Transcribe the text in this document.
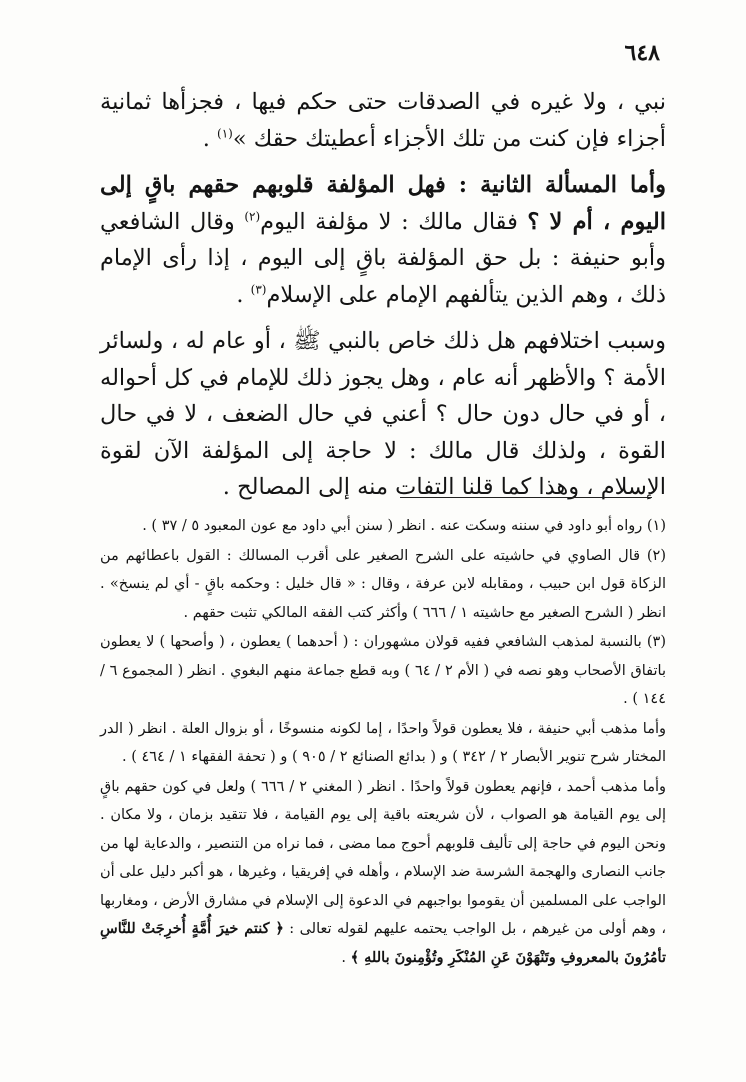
٦٤٨

نبي ، ولا غيره في الصدقات حتى حكم فيها ، فجزأها ثمانية أجزاء فإن كنت من تلك الأجزاء أعطيتك حقك »$^{(١)}$ .

وأما المسألة الثانية : فهل المؤلفة قلوبهم حقهم باقٍ إلى اليوم ، أم لا ؟ فقال مالك : لا مؤلفة اليوم$^{(٢)}$ وقال الشافعي وأبو حنيفة : بل حق المؤلفة باقٍ إلى اليوم ، إذا رأى الإمام ذلك ، وهم الذين يتألفهم الإمام على الإسلام$^{(٣)}$ .

وسبب اختلافهم هل ذلك خاص بالنبي ﷺ ، أو عام له ، ولسائر الأمة ؟ والأظهر أنه عام ، وهل يجوز ذلك للإمام في كل أحواله ، أو في حال دون حال ؟ أعني في حال الضعف ، لا في حال القوة ، ولذلك قال مالك : لا حاجة إلى المؤلفة الآن لقوة الإسلام ، وهذا كما قلنا التفات منه إلى المصالح .

(١) رواه أبو داود في سننه وسكت عنه . انظر ( سنن أبي داود مع عون المعبود ٥ / ٣٧ ) .

(٢) قال الصاوي في حاشيته على الشرح الصغير على أقرب المسالك : القول باعطائهم من الزكاة قول ابن حبيب ، ومقابله لابن عرفة ، وقال : « قال خليل : وحكمه باقٍ - أي لم ينسخ» . انظر ( الشرح الصغير مع حاشيته ١ / ٦٦٦ ) وأكثر كتب الفقه المالكي تثبت حقهم .

(٣) بالنسبة لمذهب الشافعي ففيه قولان مشهوران : ( أحدهما ) يعطون ، ( وأصحها ) لا يعطون باتفاق الأصحاب وهو نصه في ( الأم ٢ / ٦٤ ) وبه قطع جماعة منهم البغوي . انظر ( المجموع ٦ / ١٤٤ ) .

وأما مذهب أبي حنيفة ، فلا يعطون قولاً واحدًا ، إما لكونه منسوخًا ، أو بزوال العلة . انظر ( الدر المختار شرح تنوير الأبصار ٢ / ٣٤٢ ) و ( بدائع الصنائع ٢ / ٩٠٥ ) و ( تحفة الفقهاء ١ / ٤٦٤ ) .

وأما مذهب أحمد ، فإنهم يعطون قولاً واحدًا . انظر ( المغني ٢ / ٦٦٦ ) ولعل في كون حقهم باقٍ إلى يوم القيامة هو الصواب ، لأن شريعته باقية إلى يوم القيامة ، فلا تتقيد بزمان ، ولا مكان . ونحن اليوم في حاجة إلى تأليف قلوبهم أحوج مما مضى ، فما نراه من التنصير ، والدعاية لها من جانب النصارى والهجمة الشرسة ضد الإسلام ، وأهله في إفريقيا ، وغيرها ، هو أكبر دليل على أن الواجب على المسلمين أن يقوموا بواجبهم في الدعوة إلى الإسلام في مشارق الأرض ، ومغاربها ، وهم أولى من غيرهم ، بل الواجب يحتمه عليهم لقوله تعالى : ﴿ كنتم خيرَ أُمَّةٍ أُخرِجَتْ للنَّاسِ تأمُرُونَ بالمعروفِ وتَنْهَوْنَ عَنِ المُنْكَرِ وتُؤْمِنونَ باللهِ ﴾ .
